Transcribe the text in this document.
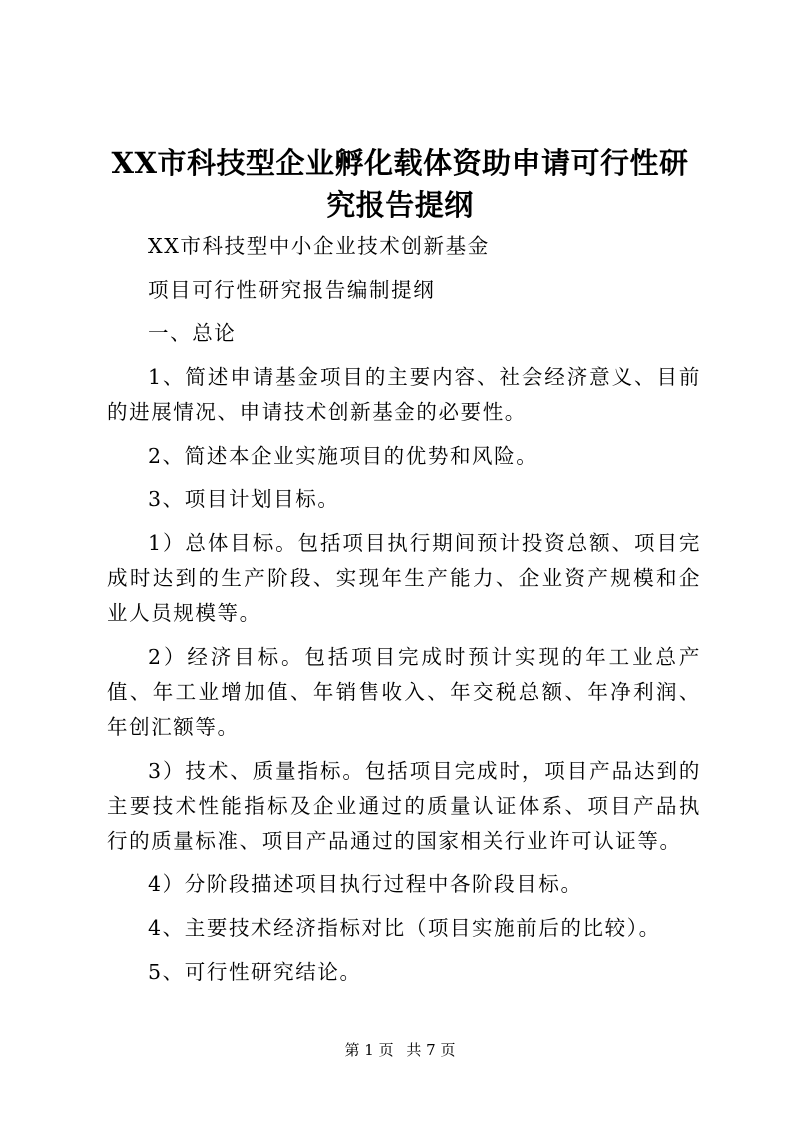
XX市科技型企业孵化载体资助申请可行性研究报告提纲

XX市科技型中小企业技术创新基金

项目可行性研究报告编制提纲

一、总论

1、简述申请基金项目的主要内容、社会经济意义、目前的进展情况、申请技术创新基金的必要性。

2、简述本企业实施项目的优势和风险。

3、项目计划目标。

1）总体目标。包括项目执行期间预计投资总额、项目完成时达到的生产阶段、实现年生产能力、企业资产规模和企业人员规模等。

2）经济目标。包括项目完成时预计实现的年工业总产值、年工业增加值、年销售收入、年交税总额、年净利润、年创汇额等。

3）技术、质量指标。包括项目完成时，项目产品达到的主要技术性能指标及企业通过的质量认证体系、项目产品执行的质量标准、项目产品通过的国家相关行业许可认证等。

4）分阶段描述项目执行过程中各阶段目标。

4、主要技术经济指标对比（项目实施前后的比较）。

5、可行性研究结论。

第 1 页 共 7 页
